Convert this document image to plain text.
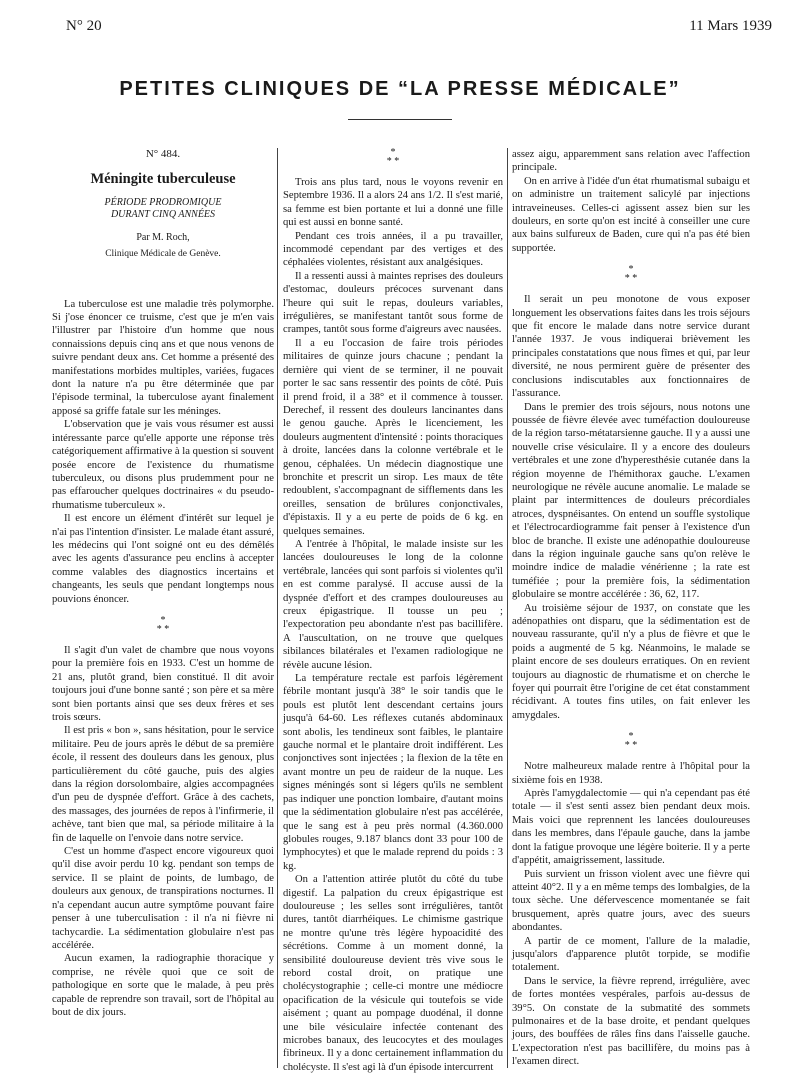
N° 20	11 Mars 1939
PETITES CLINIQUES DE “LA PRESSE MÉDICALE”
N° 484.
Méningite tuberculeuse
PÉRIODE PRODROMIQUE
DURANT CINQ ANNÉES
Par M. Roch,
Clinique Médicale de Genève.

La tuberculose est une maladie très polymorphe. Si j'ose énoncer ce truisme, c'est que je m'en vais l'illustrer par l'histoire d'un homme que nous connaissions depuis cinq ans et que nous venons de suivre pendant deux ans. Cet homme a présenté des manifestations morbides multiples, variées, fugaces dont la nature n'a pu être déterminée que par l'épisode terminal, la tuberculose ayant finalement apposé sa griffe fatale sur les méninges.

L'observation que je vais vous résumer est aussi intéressante parce qu'elle apporte une réponse très catégoriquement affirmative à la question si souvent posée encore de l'existence du rhumatisme tuberculeux, ou disons plus prudemment pour ne pas effaroucher quelques doctrinaires « du pseudo-rhumatisme tuberculeux ».

Il est encore un élément d'intérêt sur lequel je n'ai pas l'intention d'insister. Le malade étant assuré, les médecins qui l'ont soigné ont eu des démêlés avec les agents d'assurance peu enclins à accepter comme valables des diagnostics incertains et changeants, les seuls que pendant longtemps nous pouvions énoncer.

*
* *

Il s'agit d'un valet de chambre que nous voyons pour la première fois en 1933. C'est un homme de 21 ans, plutôt grand, bien constitué. Il dit avoir toujours joui d'une bonne santé ; son père et sa mère sont bien portants ainsi que ses deux frères et ses trois sœurs.

Il est pris « bon », sans hésitation, pour le service militaire. Peu de jours après le début de sa première école, il ressent des douleurs dans les genoux, plus particulièrement du côté gauche, puis des algies dans la région dorsolombaire, algies accompagnées d'un peu de dyspnée d'effort. Grâce à des cachets, des massages, des journées de repos à l'infirmerie, il achève, tant bien que mal, sa période militaire à la fin de laquelle on l'envoie dans notre service.

C'est un homme d'aspect encore vigoureux quoi qu'il dise avoir perdu 10 kg. pendant son temps de service. Il se plaint de points, de lumbago, de douleurs aux genoux, de transpirations nocturnes. Il n'a cependant aucun autre symptôme pouvant faire penser à une tuberculisation : il n'a ni fièvre ni tachycardie. La sédimentation globulaire n'est pas accélérée.

Aucun examen, la radiographie thoracique y comprise, ne révèle quoi que ce soit de pathologique en sorte que le malade, à peu près capable de reprendre son travail, sort de l'hôpital au bout de dix jours.

*
* *

Trois ans plus tard, nous le voyons revenir en Septembre 1936. Il a alors 24 ans 1/2. Il s'est marié, sa femme est bien portante et lui a donné une fille qui est aussi en bonne santé.

Pendant ces trois années, il a pu travailler, incommodé cependant par des vertiges et des céphalées violentes, résistant aux analgésiques.

Il a ressenti aussi à maintes reprises des douleurs d'estomac, douleurs précoces survenant dans l'heure qui suit le repas, douleurs variables, irrégulières, se manifestant tantôt sous forme de crampes, tantôt sous forme d'aigreurs avec nausées.

Il a eu l'occasion de faire trois périodes militaires de quinze jours chacune ; pendant la dernière qui vient de se terminer, il ne pouvait porter le sac sans ressentir des points de côté. Puis il prend froid, il a 38° et il commence à tousser. Derechef, il ressent des douleurs lancinantes dans le genou gauche. Après le licenciement, les douleurs augmentent d'intensité : points thoraciques à droite, lancées dans la colonne vertébrale et le genou, céphalées. Un médecin diagnostique une bronchite et prescrit un sirop. Les maux de tête redoublent, s'accompagnant de sifflements dans les oreilles, sensation de brûlures conjonctivales, d'épistaxis. Il y a eu perte de poids de 6 kg. en quelques semaines.

A l'entrée à l'hôpital, le malade insiste sur les lancées douloureuses le long de la colonne vertébrale, lancées qui sont parfois si violentes qu'il en est comme paralysé. Il accuse aussi de la dyspnée d'effort et des crampes douloureuses au creux épigastrique. Il tousse un peu ; l'expectoration peu abondante n'est pas bacillifère. A l'auscultation, on ne trouve que quelques sibilances bilatérales et l'examen radiologique ne révèle aucune lésion.

La température rectale est parfois légèrement fébrile montant jusqu'à 38° le soir tandis que le pouls est plutôt lent descendant certains jours jusqu'à 64-60. Les réflexes cutanés abdominaux sont abolis, les tendineux sont faibles, le plantaire gauche normal et le plantaire droit indifférent. Les conjonctives sont injectées ; la flexion de la tête en avant montre un peu de raideur de la nuque. Les signes méningés sont si légers qu'ils ne semblent pas indiquer une ponction lombaire, d'autant moins que la sédimentation globulaire n'est pas accélérée, que le sang est à peu près normal (4.360.000 globules rouges, 9.187 blancs dont 33 pour 100 de lymphocytes) et que le malade reprend du poids : 3 kg.

On a l'attention attirée plutôt du côté du tube digestif. La palpation du creux épigastrique est douloureuse ; les selles sont irrégulières, tantôt dures, tantôt diarrhéiques. Le chimisme gastrique ne montre qu'une très légère hypoacidité des sécrétions. Comme à un moment donné, la sensibilité douloureuse devient très vive sous le rebord costal droit, on pratique une cholécystographie ; celle-ci montre une médiocre opacification de la vésicule qui toutefois se vide aisément ; quant au pompage duodénal, il donne une bile vésiculaire infectée contenant des microbes banaux, des leucocytes et des moulages fibrineux. Il y a donc certainement inflammation du cholécyste. Il s'est agi là d'un épisode intercurrent

assez aigu, apparemment sans relation avec l'affection principale.

On en arrive à l'idée d'un état rhumatismal subaigu et on administre un traitement salicylé par injections intraveineuses. Celles-ci agissent assez bien sur les douleurs, en sorte qu'on est incité à conseiller une cure aux bains sulfureux de Baden, cure qui n'a pas été bien supportée.

*
* *

Il serait un peu monotone de vous exposer longuement les observations faites dans les trois séjours que fit encore le malade dans notre service durant l'année 1937. Je vous indiquerai brièvement les principales constatations que nous fîmes et qui, par leur diversité, ne nous permirent guère de présenter des conclusions indiscutables aux fonctionnaires de l'assurance.

Dans le premier des trois séjours, nous notons une poussée de fièvre élevée avec tuméfaction douloureuse de la région tarso-métatarsienne gauche. Il y a aussi une nouvelle crise vésiculaire. Il y a encore des douleurs vertébrales et une zone d'hyperesthésie cutanée dans la région moyenne de l'hémithorax gauche. L'examen neurologique ne révèle aucune anomalie. Le malade se plaint par intermittences de douleurs précordiales atroces, dyspnéisantes. On entend un souffle systolique et l'électrocardiogramme fait penser à l'existence d'un bloc de branche. Il existe une adénopathie douloureuse dans la région inguinale gauche sans qu'on relève le moindre indice de maladie vénérienne ; la rate est tuméfiée ; pour la première fois, la sédimentation globulaire se montre accélérée : 36, 62, 117.

Au troisième séjour de 1937, on constate que les adénopathies ont disparu, que la sédimentation est de nouveau rassurante, qu'il n'y a plus de fièvre et que le poids a augmenté de 5 kg. Néanmoins, le malade se plaint encore de ses douleurs erratiques. On en revient toujours au diagnostic de rhumatisme et on cherche le foyer qui pourrait être l'origine de cet état constamment récidivant. A toutes fins utiles, on fait enlever les amygdales.

*
* *

Notre malheureux malade rentre à l'hôpital pour la sixième fois en 1938.

Après l'amygdalectomie — qui n'a cependant pas été totale — il s'est senti assez bien pendant deux mois. Mais voici que reprennent les lancées douloureuses dans les membres, dans l'épaule gauche, dans la jambe dont la fatigue provoque une légère boiterie. Il y a perte d'appétit, amaigrissement, lassitude.

Puis survient un frisson violent avec une fièvre qui atteint 40°2. Il y a en même temps des lombalgies, de la toux sèche. Une défervescence momentanée se fait brusquement, après quatre jours, avec des sueurs abondantes.

A partir de ce moment, l'allure de la maladie, jusqu'alors d'apparence plutôt torpide, se modifie totalement.

Dans le service, la fièvre reprend, irrégulière, avec de fortes montées vespérales, parfois au-dessus de 39°5. On constate de la submatité des sommets pulmonaires et de la base droite, et pendant quelques jours, des bouffées de râles fins dans l'aisselle gauche. L'expectoration n'est pas bacillifère, du moins pas à l'examen direct.
